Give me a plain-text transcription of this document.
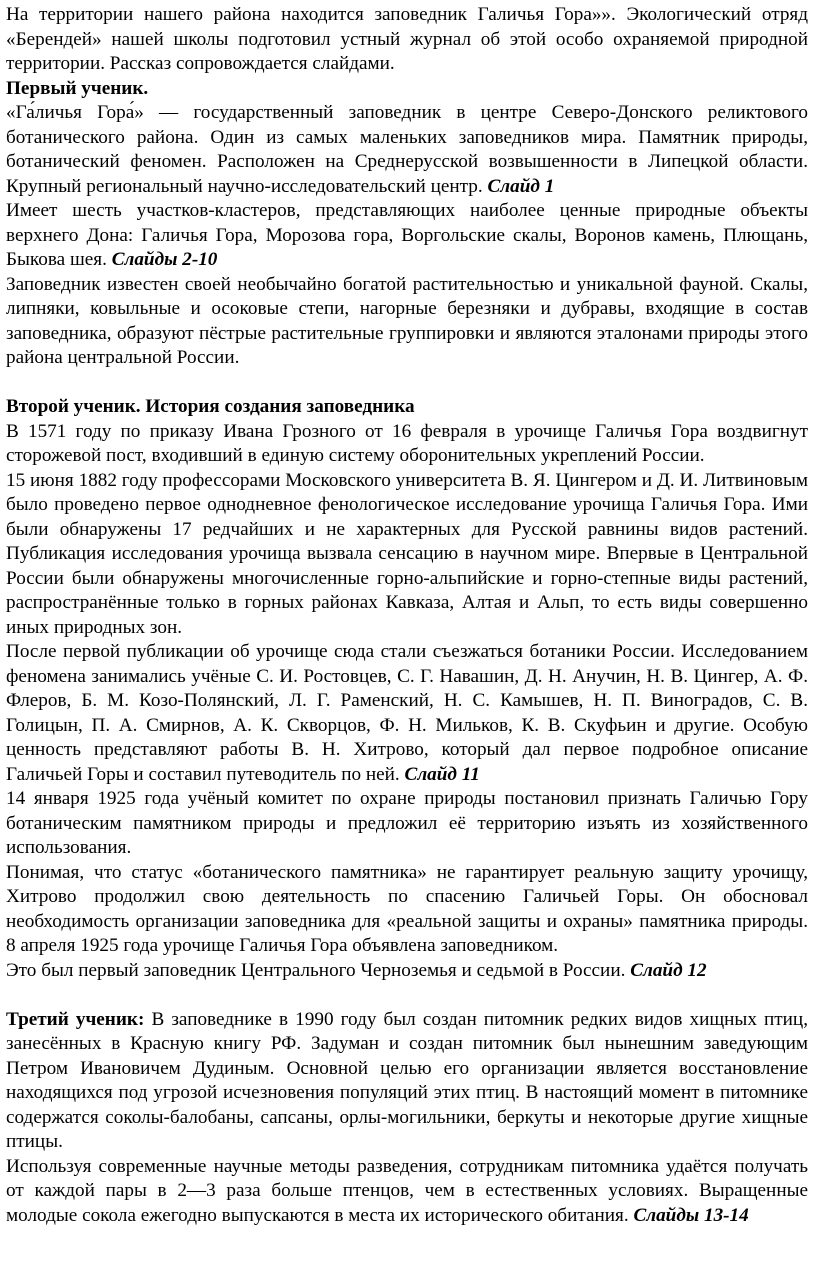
На территории нашего района находится заповедник Галичья Гора»». Экологический отряд «Берендей» нашей школы подготовил устный журнал об этой особо охраняемой природной территории. Рассказ сопровождается слайдами.

Первый ученик.

«Га́личья Гора́» — государственный заповедник в центре Северо-Донского реликтового ботанического района. Один из самых маленьких заповедников мира. Памятник природы, ботанический феномен. Расположен на Среднерусской возвышенности в Липецкой области. Крупный региональный научно-исследовательский центр. Слайд 1

Имеет шесть участков-кластеров, представляющих наиболее ценные природные объекты верхнего Дона: Галичья Гора, Морозова гора, Воргольские скалы, Воронов камень, Плющань, Быкова шея. Слайды 2-10

Заповедник известен своей необычайно богатой растительностью и уникальной фауной. Скалы, липняки, ковыльные и осоковые степи, нагорные березняки и дубравы, входящие в состав заповедника, образуют пёстрые растительные группировки и являются эталонами природы этого района центральной России.

Второй ученик. История создания заповедника

В 1571 году по приказу Ивана Грозного от 16 февраля в урочище Галичья Гора воздвигнут сторожевой пост, входивший в единую систему оборонительных укреплений России.

15 июня 1882 году профессорами Московского университета В. Я. Цингером и Д. И. Литвиновым было проведено первое однодневное фенологическое исследование урочища Галичья Гора. Ими были обнаружены 17 редчайших и не характерных для Русской равнины видов растений. Публикация исследования урочища вызвала сенсацию в научном мире. Впервые в Центральной России были обнаружены многочисленные горно-альпийские и горно-степные виды растений, распространённые только в горных районах Кавказа, Алтая и Альп, то есть виды совершенно иных природных зон.

После первой публикации об урочище сюда стали съезжаться ботаники России. Исследованием феномена занимались учёные С. И. Ростовцев, С. Г. Навашин, Д. Н. Анучин, Н. В. Цингер, А. Ф. Флеров, Б. М. Козо-Полянский, Л. Г. Раменский, Н. С. Камышев, Н. П. Виноградов, С. В. Голицын, П. А. Смирнов, А. К. Скворцов, Ф. Н. Мильков, К. В. Скуфьин и другие. Особую ценность представляют работы В. Н. Хитрово, который дал первое подробное описание Галичьей Горы и составил путеводитель по ней. Слайд 11

14 января 1925 года учёный комитет по охране природы постановил признать Галичью Гору ботаническим памятником природы и предложил её территорию изъять из хозяйственного использования.

Понимая, что статус «ботанического памятника» не гарантирует реальную защиту урочищу, Хитрово продолжил свою деятельность по спасению Галичьей Горы. Он обосновал необходимость организации заповедника для «реальной защиты и охраны» памятника природы. 8 апреля 1925 года урочище Галичья Гора объявлена заповедником.

Это был первый заповедник Центрального Черноземья и седьмой в России. Слайд 12

Третий ученик: В заповеднике в 1990 году был создан питомник редких видов хищных птиц, занесённых в Красную книгу РФ. Задуман и создан питомник был нынешним заведующим Петром Ивановичем Дудиным. Основной целью его организации является восстановление находящихся под угрозой исчезновения популяций этих птиц. В настоящий момент в питомнике содержатся соколы-балобаны, сапсаны, орлы-могильники, беркуты и некоторые другие хищные птицы.

Используя современные научные методы разведения, сотрудникам питомника удаётся получать от каждой пары в 2—3 раза больше птенцов, чем в естественных условиях. Выращенные молодые сокола ежегодно выпускаются в места их исторического обитания. Слайды 13-14
